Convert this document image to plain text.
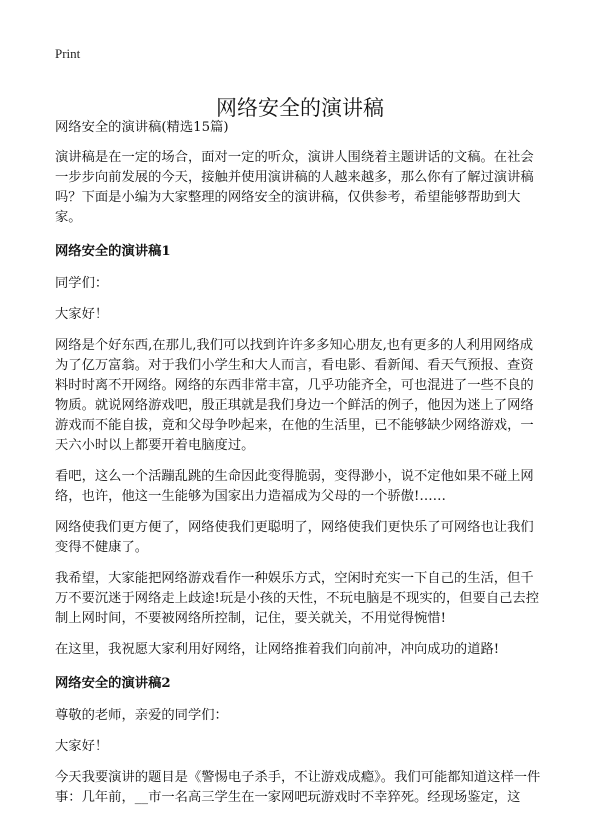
Print
网络安全的演讲稿

网络安全的演讲稿(精选15篇)

演讲稿是在一定的场合，面对一定的听众，演讲人围绕着主题讲话的文稿。在社会一步步向前发展的今天，接触并使用演讲稿的人越来越多，那么你有了解过演讲稿吗？下面是小编为大家整理的网络安全的演讲稿，仅供参考，希望能够帮助到大家。

网络安全的演讲稿1

同学们：

大家好！

网络是个好东西,在那儿,我们可以找到许许多多知心朋友,也有更多的人利用网络成为了亿万富翁。对于我们小学生和大人而言，看电影、看新闻、看天气预报、查资料时时离不开网络。网络的东西非常丰富，几乎功能齐全，可也混进了一些不良的物质。就说网络游戏吧，殷正琪就是我们身边一个鲜活的例子，他因为迷上了网络游戏而不能自拔，竟和父母争吵起来，在他的生活里，已不能够缺少网络游戏，一天六小时以上都要开着电脑度过。

看吧，这么一个活蹦乱跳的生命因此变得脆弱，变得渺小，说不定他如果不碰上网络，也许，他这一生能够为国家出力造福成为父母的一个骄傲!……

网络使我们更方便了，网络使我们更聪明了，网络使我们更快乐了可网络也让我们变得不健康了。

我希望，大家能把网络游戏看作一种娱乐方式，空闲时充实一下自己的生活，但千万不要沉迷于网络走上歧途!玩是小孩的天性，不玩电脑是不现实的，但要自己去控制上网时间，不要被网络所控制，记住，要关就关，不用觉得惋惜!

在这里，我祝愿大家利用好网络，让网络推着我们向前冲，冲向成功的道路!

网络安全的演讲稿2

尊敬的老师，亲爱的同学们：

大家好！

今天我要演讲的题目是《警惕电子杀手，不让游戏成瘾》。我们可能都知道这样一件事：几年前，__市一名高三学生在一家网吧玩游戏时不幸猝死。经现场鉴定，这
